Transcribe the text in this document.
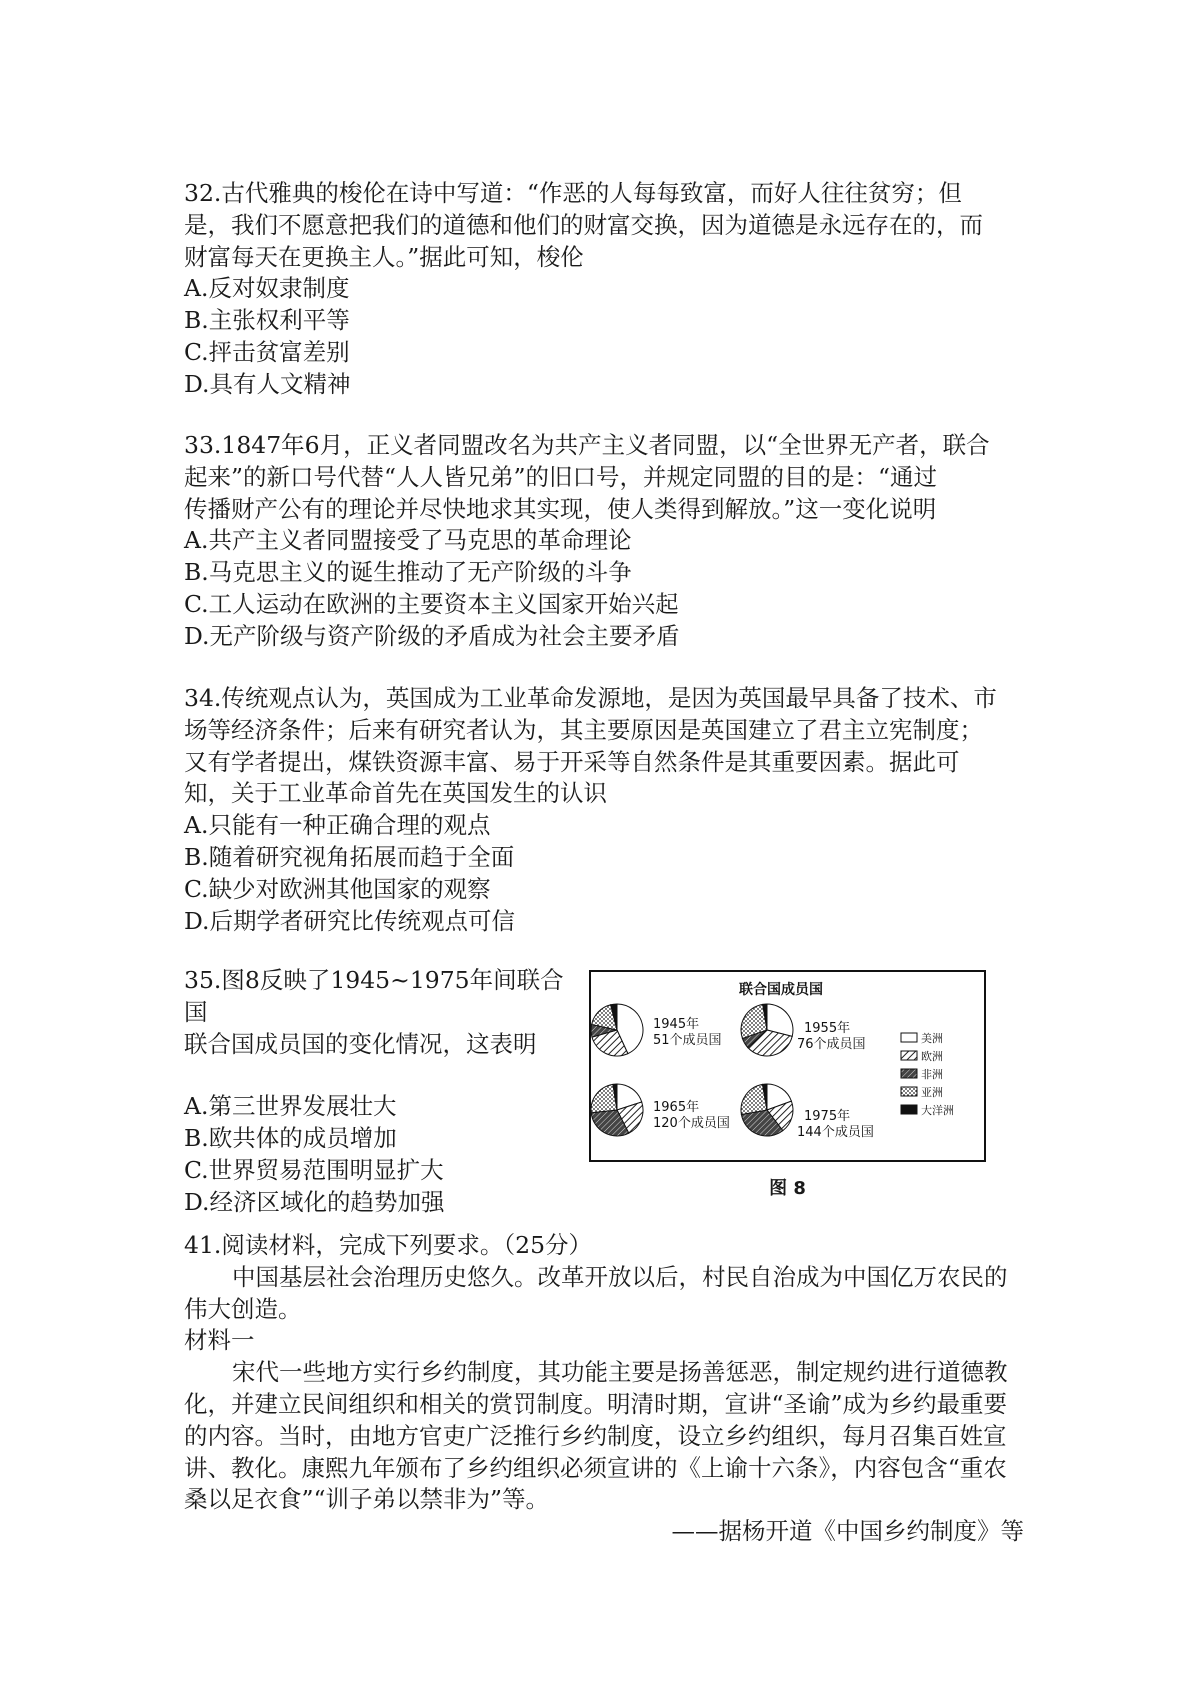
32.古代雅典的梭伦在诗中写道：“作恶的人每每致富，而好人往往贫穷；但

是，我们不愿意把我们的道德和他们的财富交换，因为道德是永远存在的，而

财富每天在更换主人。”据此可知，梭伦

A.反对奴隶制度

B.主张权利平等

C.抨击贫富差别

D.具有人文精神

33.1847年6月，正义者同盟改名为共产主义者同盟，以“全世界无产者，联合

起来”的新口号代替“人人皆兄弟”的旧口号，并规定同盟的目的是：“通过

传播财产公有的理论并尽快地求其实现，使人类得到解放。”这一变化说明

A.共产主义者同盟接受了马克思的革命理论

B.马克思主义的诞生推动了无产阶级的斗争

C.工人运动在欧洲的主要资本主义国家开始兴起

D.无产阶级与资产阶级的矛盾成为社会主要矛盾

34.传统观点认为，英国成为工业革命发源地，是因为英国最早具备了技术、市

场等经济条件；后来有研究者认为，其主要原因是英国建立了君主立宪制度；

又有学者提出，煤铁资源丰富、易于开采等自然条件是其重要因素。据此可

知，关于工业革命首先在英国发生的认识

A.只能有一种正确合理的观点

B.随着研究视角拓展而趋于全面

C.缺少对欧洲其他国家的观察

D.后期学者研究比传统观点可信

35.图8反映了1945~1975年间联合国

联合国成员国的变化情况，这表明

A.第三世界发展壮大

B.欧共体的成员增加

C.世界贸易范围明显扩大

D.经济区域化的趋势加强

联合国成员国
1945年
51个成员国
1955年
76个成员国
1965年
120个成员国	1975年
144个成员国
美洲
欧洲
非洲
亚洲
大洋洲
图 8

41.阅读材料，完成下列要求。（25分）

中国基层社会治理历史悠久。改革开放以后，村民自治成为中国亿万农民的伟大创造。

材料一

宋代一些地方实行乡约制度，其功能主要是扬善惩恶，制定规约进行道德教化，并建立民间组织和相关的赏罚制度。明清时期，宣讲“圣谕”成为乡约最重要的内容。当时，由地方官吏广泛推行乡约制度，设立乡约组织，每月召集百姓宣讲、教化。康熙九年颁布了乡约组织必须宣讲的《上谕十六条》，内容包含“重农桑以足衣食”“训子弟以禁非为”等。

——据杨开道《中国乡约制度》等
